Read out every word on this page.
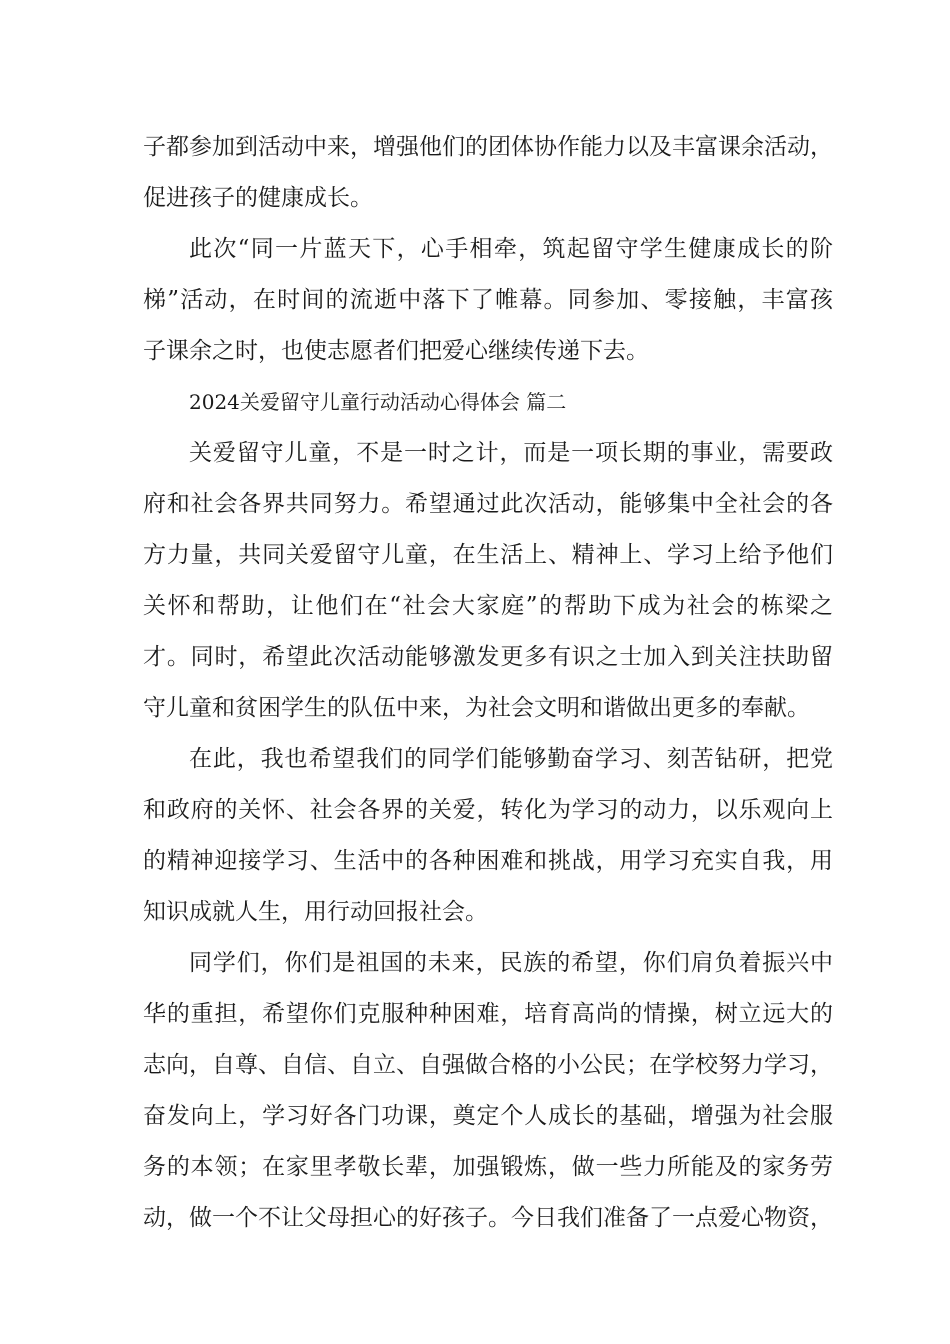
子都参加到活动中来，增强他们的团体协作能力以及丰富课余活动，
促进孩子的健康成长。
此次“同一片蓝天下，心手相牵，筑起留守学生健康成长的阶
梯”活动，在时间的流逝中落下了帷幕。同参加、零接触，丰富孩
子课余之时，也使志愿者们把爱心继续传递下去。
2024关爱留守儿童行动活动心得体会 篇二
关爱留守儿童，不是一时之计，而是一项长期的事业，需要政
府和社会各界共同努力。希望通过此次活动，能够集中全社会的各
方力量，共同关爱留守儿童，在生活上、精神上、学习上给予他们
关怀和帮助，让他们在“社会大家庭”的帮助下成为社会的栋梁之
才。同时，希望此次活动能够激发更多有识之士加入到关注扶助留
守儿童和贫困学生的队伍中来，为社会文明和谐做出更多的奉献。
在此，我也希望我们的同学们能够勤奋学习、刻苦钻研，把党
和政府的关怀、社会各界的关爱，转化为学习的动力，以乐观向上
的精神迎接学习、生活中的各种困难和挑战，用学习充实自我，用
知识成就人生，用行动回报社会。
同学们，你们是祖国的未来，民族的希望，你们肩负着振兴中
华的重担，希望你们克服种种困难，培育高尚的情操，树立远大的
志向，自尊、自信、自立、自强做合格的小公民；在学校努力学习，
奋发向上，学习好各门功课，奠定个人成长的基础，增强为社会服
务的本领；在家里孝敬长辈，加强锻炼，做一些力所能及的家务劳
动，做一个不让父母担心的好孩子。今日我们准备了一点爱心物资，
